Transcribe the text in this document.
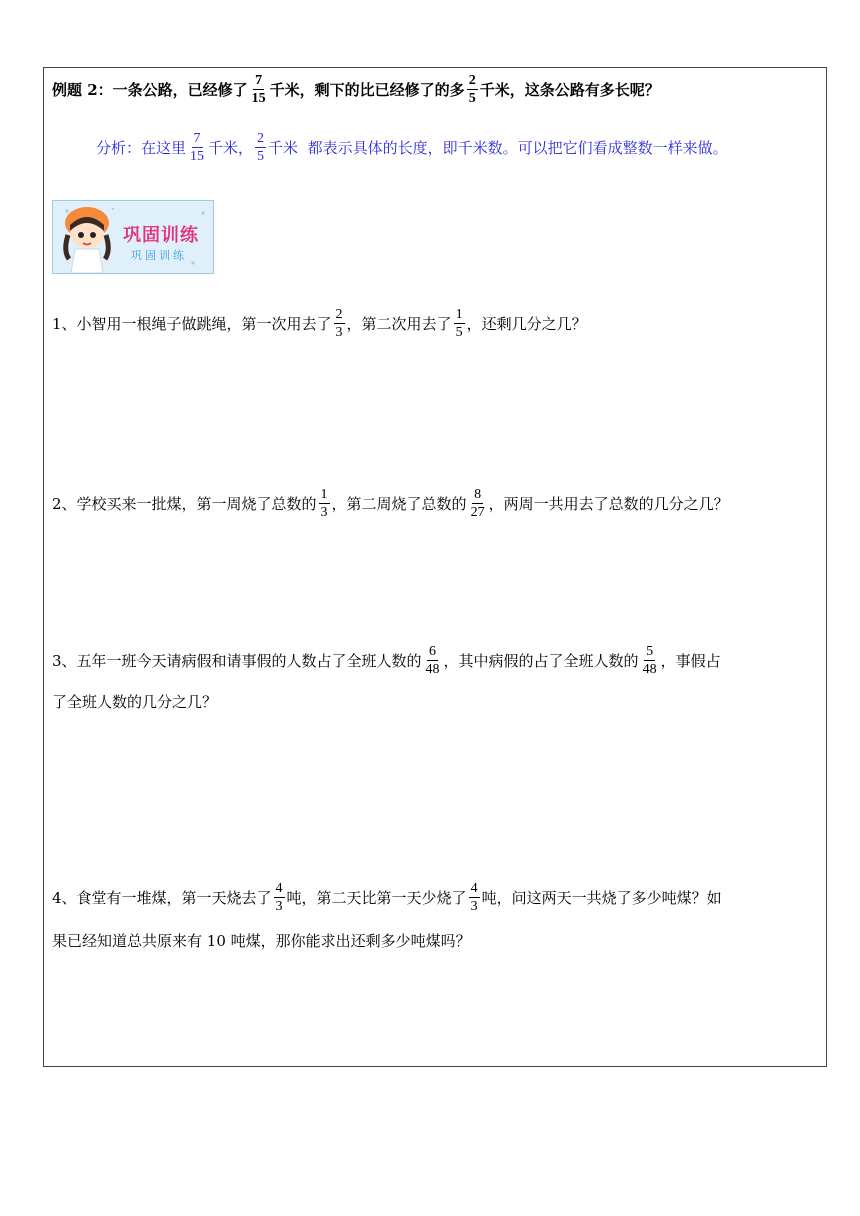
例题 2：一条公路，已经修了 $\frac{7}{15}$ 千米，剩下的比已经修了的多 $\frac{2}{5}$ 千米，这条公路有多长呢？
分析：在这里 $\frac{7}{15}$ 千米， $\frac{2}{5}$ 千米  都表示具体的长度，即千米数。可以把它们看成整数一样来做。
巩固训练
巩固训练
1、小智用一根绳子做跳绳，第一次用去了 $\frac{2}{3}$ ，第二次用去了 $\frac{1}{5}$ ，还剩几分之几？
2、学校买来一批煤，第一周烧了总数的 $\frac{1}{3}$ ，第二周烧了总数的 $\frac{8}{27}$ ，两周一共用去了总数的几分之几？
3、五年一班今天请病假和请事假的人数占了全班人数的 $\frac{6}{48}$ ，其中病假的占了全班人数的 $\frac{5}{48}$ ，事假占
了全班人数的几分之几？
4、食堂有一堆煤，第一天烧去了 $\frac{4}{3}$ 吨，第二天比第一天少烧了 $\frac{4}{3}$ 吨，问这两天一共烧了多少吨煤？如
果已经知道总共原来有 10 吨煤，那你能求出还剩多少吨煤吗？
